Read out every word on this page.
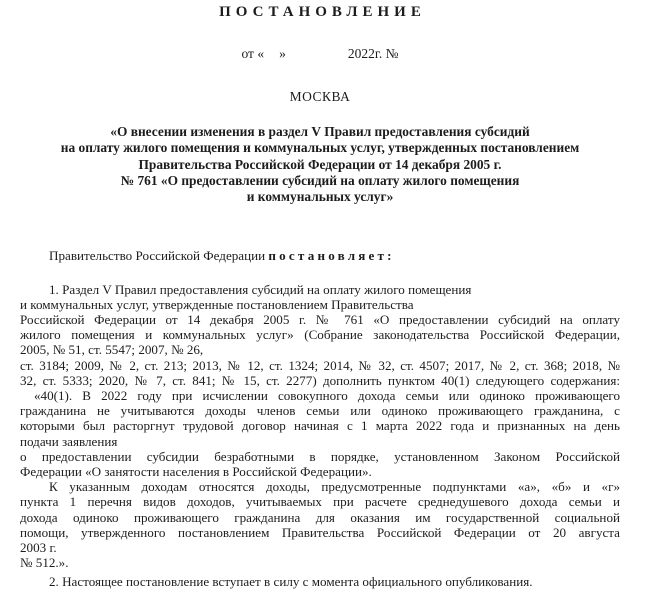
ПОСТАНОВЛЕНИЕ
от « »	2022г. №
МОСКВА
«О внесении изменения в раздел V Правил предоставления субсидий
на оплату жилого помещения и коммунальных услуг, утвержденных постановлением
Правительства Российской Федерации от 14 декабря 2005 г.
№ 761 «О предоставлении субсидий на оплату жилого помещения
и коммунальных услуг»
Правительство Российской Федерации постановляет:
1. Раздел V Правил предоставления субсидий на оплату жилого помещения
и коммунальных услуг, утвержденные постановлением Правительства
Российской Федерации от 14 декабря 2005 г. № 761 «О предоставлении субсидий на оплату
жилого помещения и коммунальных услуг» (Собрание законодательства Российской Федерации,
2005, № 51, ст. 5547; 2007, № 26,
ст. 3184; 2009, № 2, ст. 213; 2013, № 12, ст. 1324; 2014, № 32, ст. 4507; 2017, № 2, ст. 368; 2018, №
32, ст. 5333; 2020, № 7, ст. 841; № 15, ст. 2277) дополнить пунктом 40(1) следующего содержания:
«40(1). В 2022 году при исчислении совокупного дохода семьи или одиноко проживающего
гражданина не учитываются доходы членов семьи или одиноко проживающего гражданина, с
которыми был расторгнут трудовой договор начиная с 1 марта 2022 года и признанных на день
подачи заявления
о предоставлении субсидии безработными в порядке, установленном Законом Российской
Федерации «О занятости населения в Российской Федерации».
К указанным доходам относятся доходы, предусмотренные подпунктами «а», «б» и «г»
пункта 1 перечня видов доходов, учитываемых при расчете среднедушевого дохода семьи и
дохода одиноко проживающего гражданина для оказания им государственной социальной
помощи, утвержденного постановлением Правительства Российской Федерации от 20 августа
2003 г.
№ 512.».
2. Настоящее постановление вступает в силу с момента официального опубликования.
